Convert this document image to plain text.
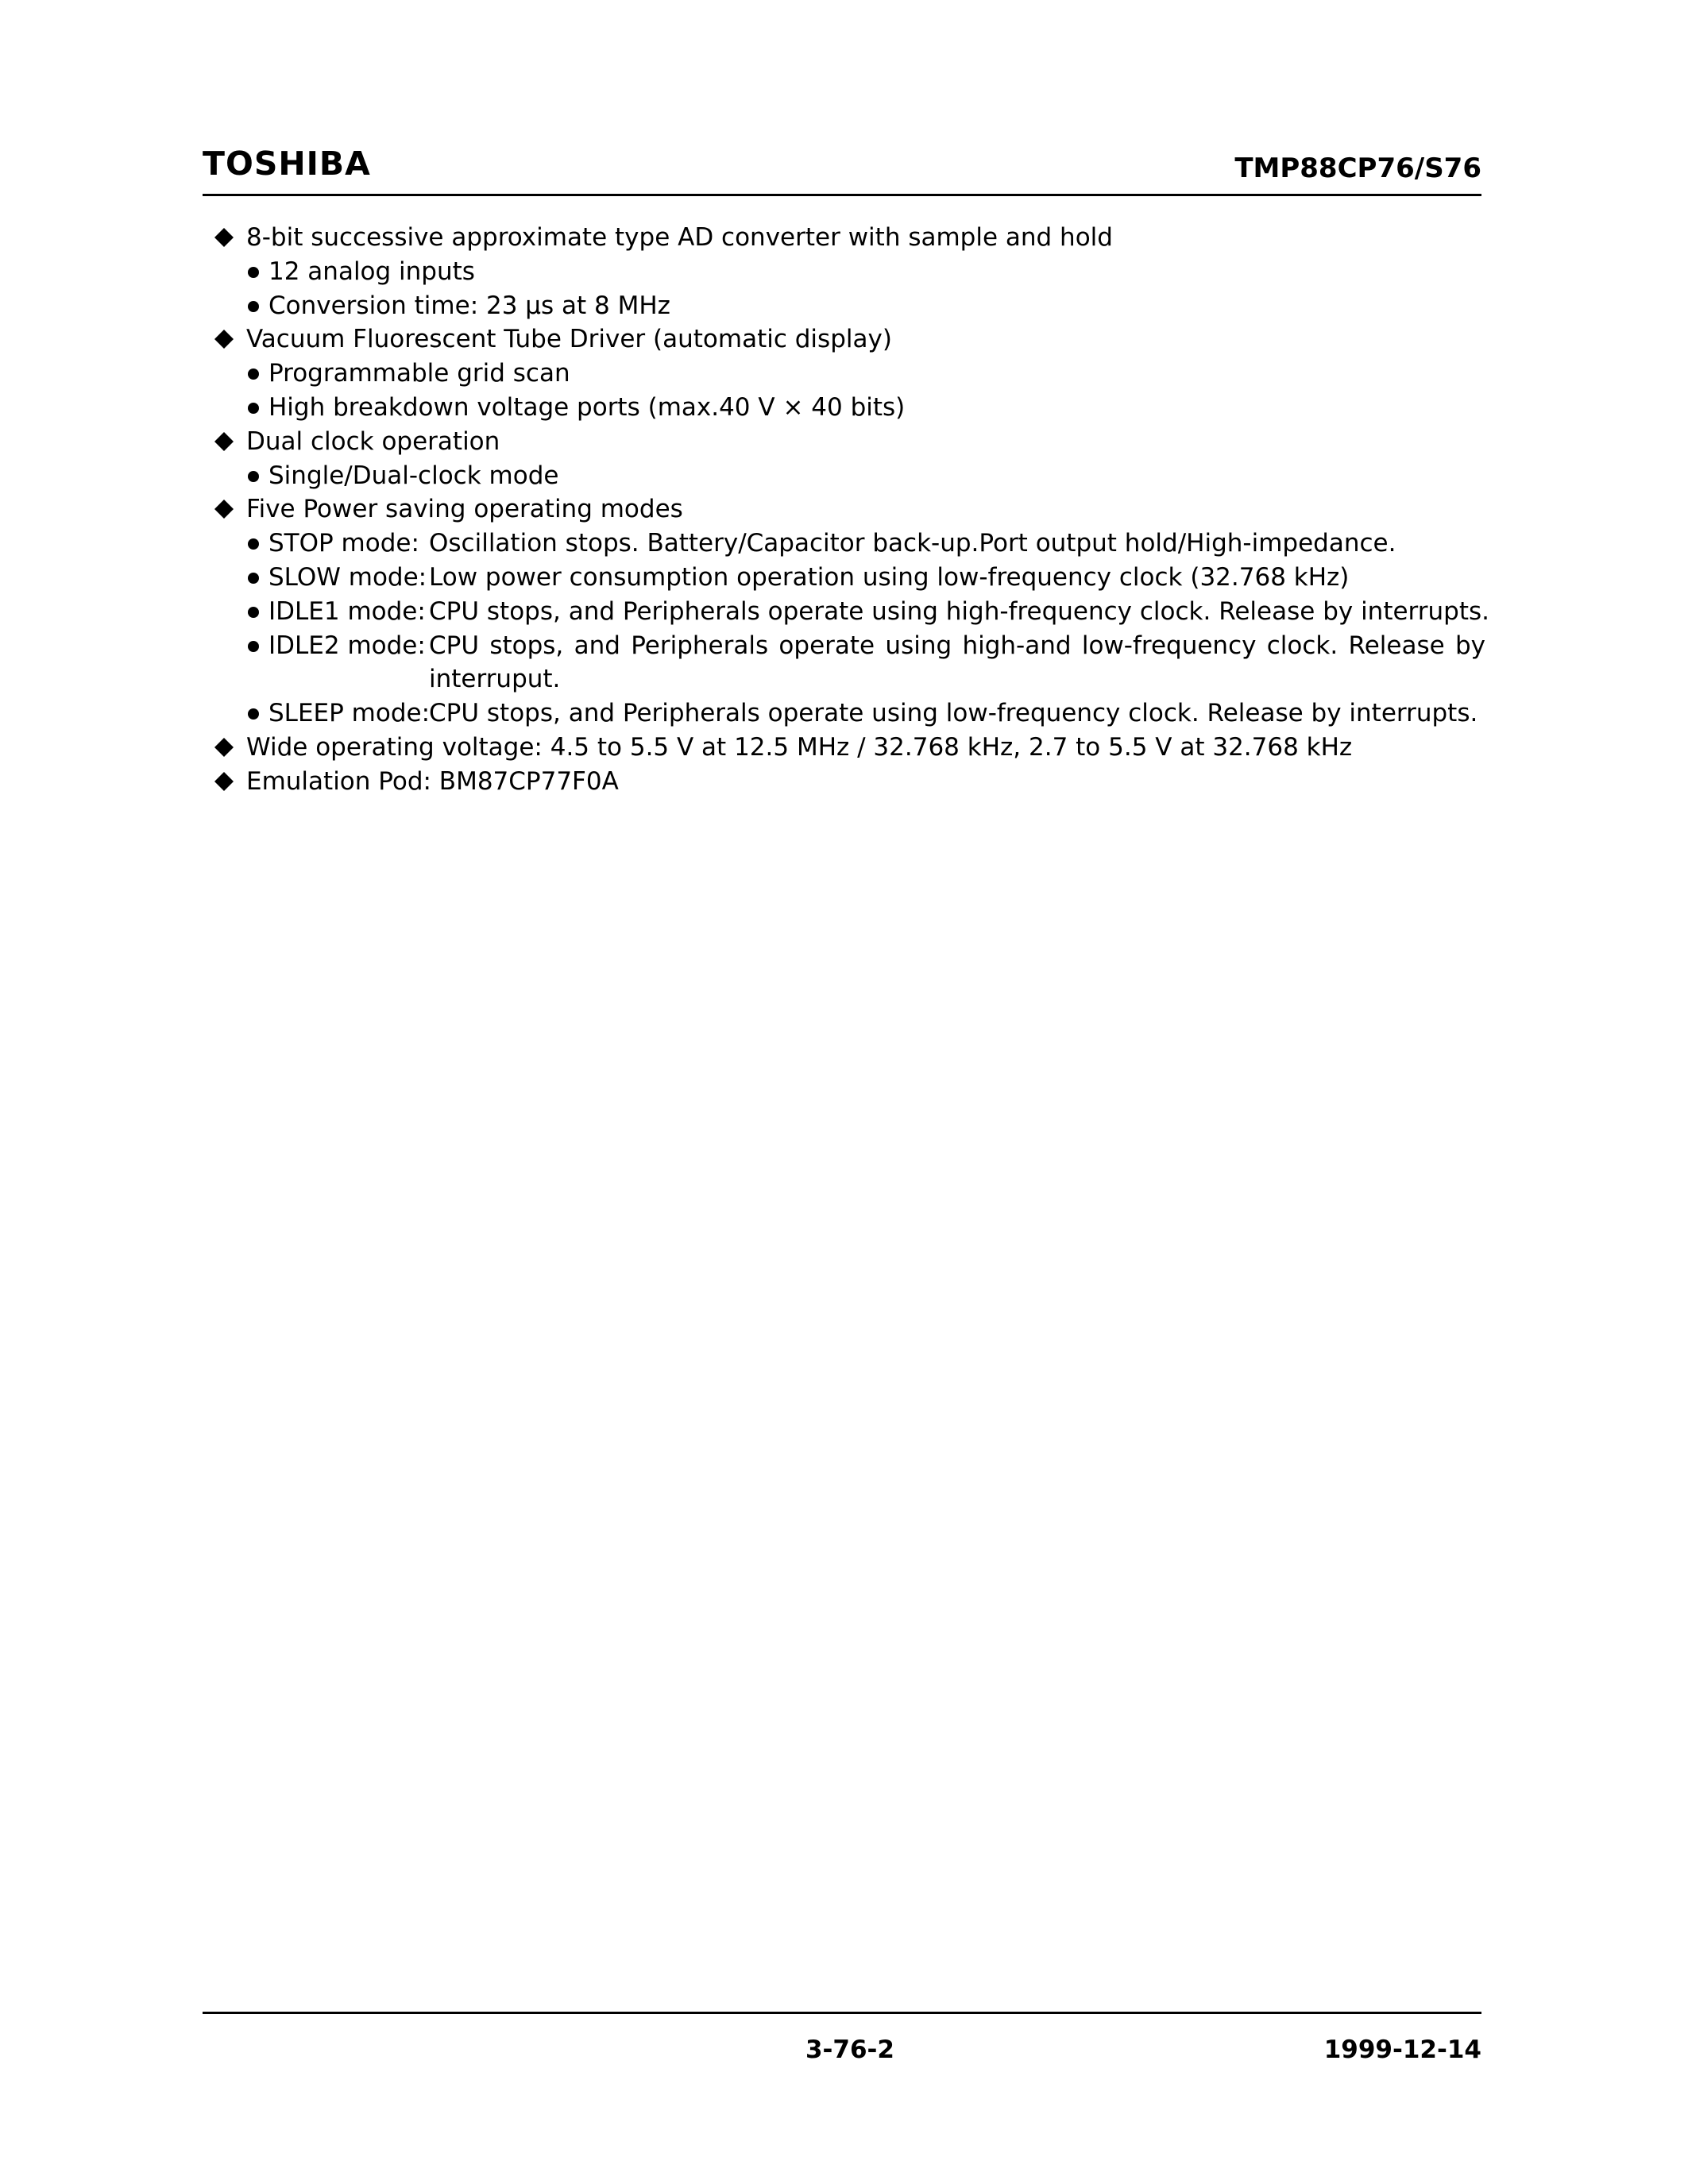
TOSHIBA	TMP88CP76/S76
8-bit successive approximate type AD converter with sample and hold
12 analog inputs
Conversion time: 23 µs at 8 MHz
Vacuum Fluorescent Tube Driver (automatic display)
Programmable grid scan
High breakdown voltage ports (max.40 V × 40 bits)
Dual clock operation
Single/Dual-clock mode
Five Power saving operating modes
STOP mode: Oscillation stops. Battery/Capacitor back-up.Port output hold/High-impedance.
SLOW mode:Low power consumption operation using low-frequency clock (32.768 kHz)
IDLE1 mode: CPU stops, and Peripherals operate using high-frequency clock. Release by interrupts.
IDLE2 mode: CPU stops, and Peripherals operate using high-and low-frequency clock. Release by
interruput.
SLEEP mode:CPU stops, and Peripherals operate using low-frequency clock. Release by interrupts.
Wide operating voltage: 4.5 to 5.5 V at 12.5 MHz / 32.768 kHz, 2.7 to 5.5 V at 32.768 kHz
Emulation Pod: BM87CP77F0A
3-76-2	1999-12-14
